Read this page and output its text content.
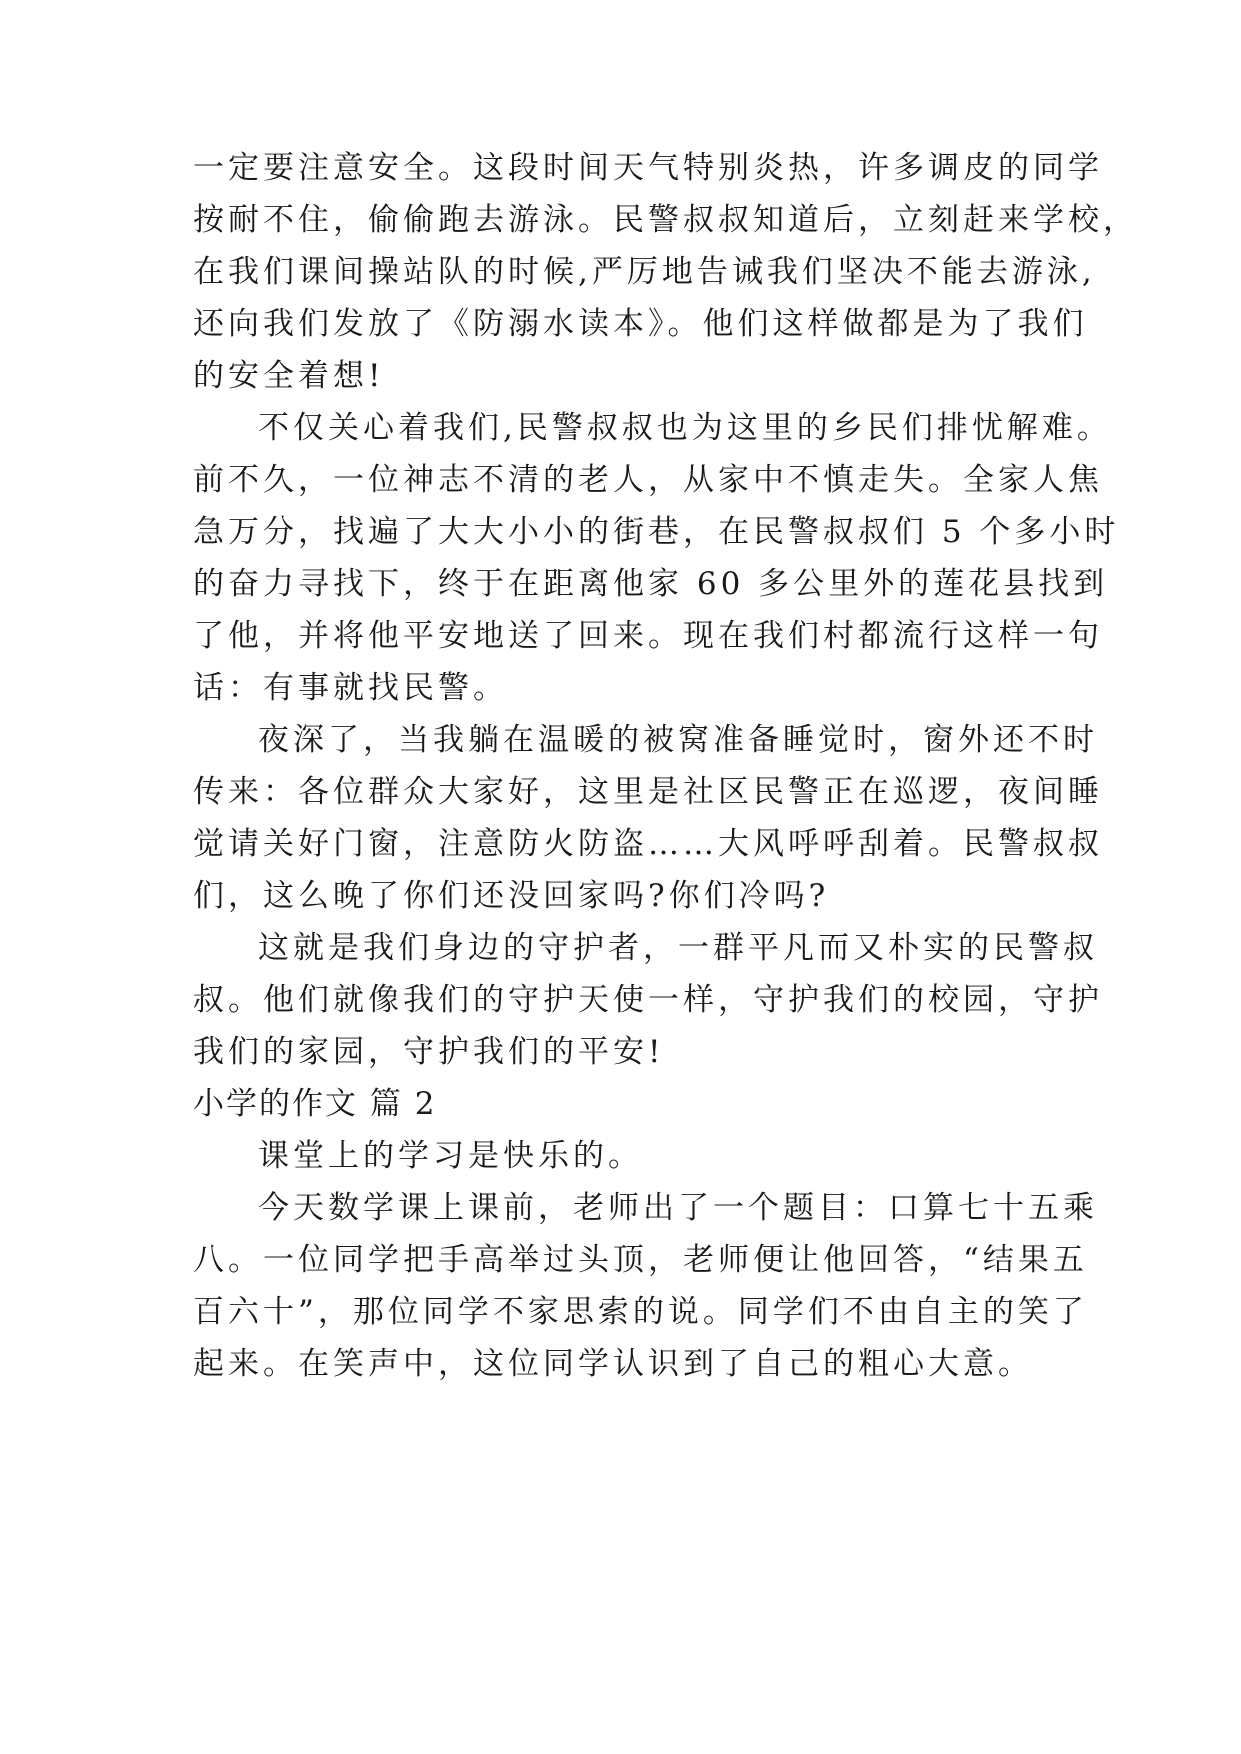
一定要注意安全。这段时间天气特别炎热，许多调皮的同学

按耐不住，偷偷跑去游泳。民警叔叔知道后，立刻赶来学校，

在我们课间操站队的时候,严厉地告诫我们坚决不能去游泳,

还向我们发放了《防溺水读本》。他们这样做都是为了我们

的安全着想!

不仅关心着我们,民警叔叔也为这里的乡民们排忧解难。

前不久，一位神志不清的老人，从家中不慎走失。全家人焦

急万分，找遍了大大小小的街巷，在民警叔叔们 5 个多小时

的奋力寻找下，终于在距离他家 60 多公里外的莲花县找到

了他，并将他平安地送了回来。现在我们村都流行这样一句

话：有事就找民警。

夜深了，当我躺在温暖的被窝准备睡觉时，窗外还不时

传来：各位群众大家好，这里是社区民警正在巡逻，夜间睡

觉请关好门窗，注意防火防盗……大风呼呼刮着。民警叔叔

们，这么晚了你们还没回家吗?你们冷吗?

这就是我们身边的守护者，一群平凡而又朴实的民警叔

叔。他们就像我们的守护天使一样，守护我们的校园，守护

我们的家园，守护我们的平安!

小学的作文 篇 2

课堂上的学习是快乐的。

今天数学课上课前，老师出了一个题目：口算七十五乘

八。一位同学把手高举过头顶，老师便让他回答，“结果五

百六十”，那位同学不家思索的说。同学们不由自主的笑了

起来。在笑声中，这位同学认识到了自己的粗心大意。
